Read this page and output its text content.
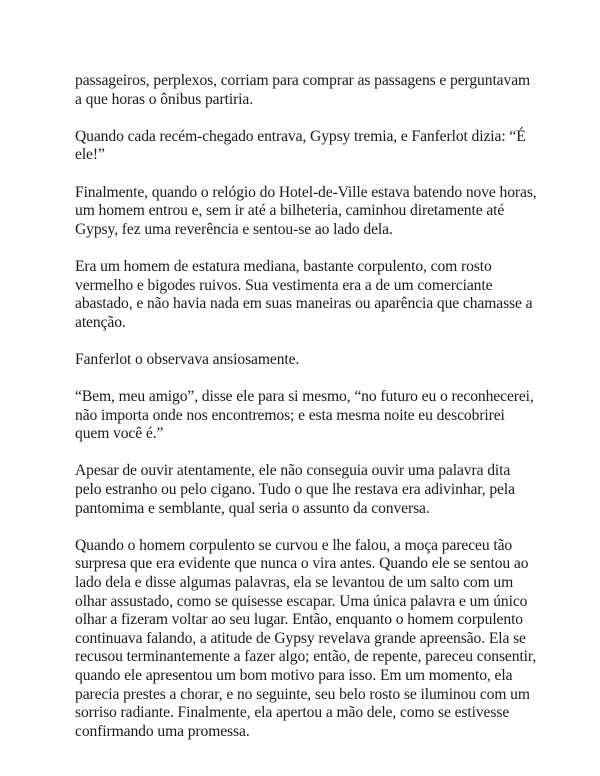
passageiros, perplexos, corriam para comprar as passagens e perguntavam a que horas o ônibus partiria.

Quando cada recém-chegado entrava, Gypsy tremia, e Fanferlot dizia: “É ele!”

Finalmente, quando o relógio do Hotel-de-Ville estava batendo nove horas, um homem entrou e, sem ir até a bilheteria, caminhou diretamente até Gypsy, fez uma reverência e sentou-se ao lado dela.

Era um homem de estatura mediana, bastante corpulento, com rosto vermelho e bigodes ruivos. Sua vestimenta era a de um comerciante abastado, e não havia nada em suas maneiras ou aparência que chamasse a atenção.

Fanferlot o observava ansiosamente.

“Bem, meu amigo”, disse ele para si mesmo, “no futuro eu o reconhecerei, não importa onde nos encontremos; e esta mesma noite eu descobrirei quem você é.”

Apesar de ouvir atentamente, ele não conseguia ouvir uma palavra dita pelo estranho ou pelo cigano. Tudo o que lhe restava era adivinhar, pela pantomima e semblante, qual seria o assunto da conversa.

Quando o homem corpulento se curvou e lhe falou, a moça pareceu tão surpresa que era evidente que nunca o vira antes. Quando ele se sentou ao lado dela e disse algumas palavras, ela se levantou de um salto com um olhar assustado, como se quisesse escapar. Uma única palavra e um único olhar a fizeram voltar ao seu lugar. Então, enquanto o homem corpulento continuava falando, a atitude de Gypsy revelava grande apreensão. Ela se recusou terminantemente a fazer algo; então, de repente, pareceu consentir, quando ele apresentou um bom motivo para isso. Em um momento, ela parecia prestes a chorar, e no seguinte, seu belo rosto se iluminou com um sorriso radiante. Finalmente, ela apertou a mão dele, como se estivesse confirmando uma promessa.
